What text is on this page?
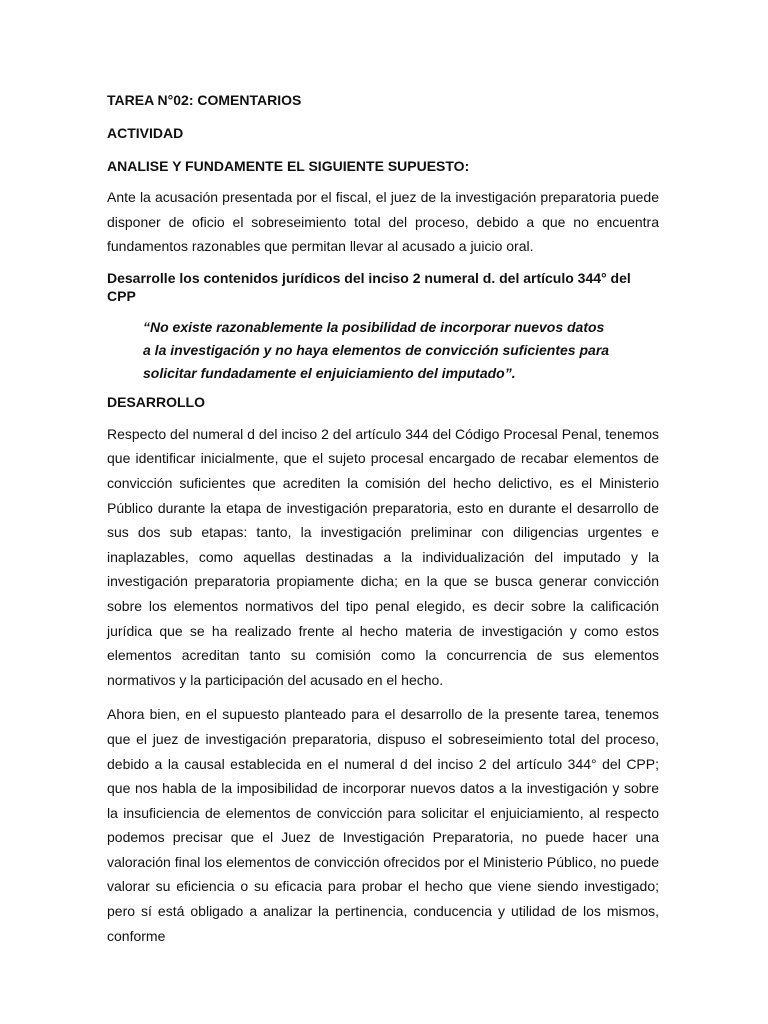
TAREA N°02: COMENTARIOS

ACTIVIDAD

ANALISE Y FUNDAMENTE EL SIGUIENTE SUPUESTO:

Ante la acusación presentada por el fiscal, el juez de la investigación preparatoria puede disponer de oficio el sobreseimiento total del proceso, debido a que no encuentra fundamentos razonables que permitan llevar al acusado a juicio oral.

Desarrolle los contenidos jurídicos del inciso 2 numeral d. del artículo 344° del CPP

“No existe razonablemente la posibilidad de incorporar nuevos datos a la investigación y no haya elementos de convicción suficientes para solicitar fundadamente el enjuiciamiento del imputado”.

DESARROLLO

Respecto del numeral d del inciso 2 del artículo 344 del Código Procesal Penal, tenemos que identificar inicialmente, que el sujeto procesal encargado de recabar elementos de convicción suficientes que acrediten la comisión del hecho delictivo, es el Ministerio Público durante la etapa de investigación preparatoria, esto en durante el desarrollo de sus dos sub etapas: tanto, la investigación preliminar con diligencias urgentes e inaplazables, como aquellas destinadas a la individualización del imputado y la investigación preparatoria propiamente dicha; en la que se busca generar convicción sobre los elementos normativos del tipo penal elegido, es decir sobre la calificación jurídica que se ha realizado frente al hecho materia de investigación y como estos elementos acreditan tanto su comisión como la concurrencia de sus elementos normativos y la participación del acusado en el hecho.

Ahora bien, en el supuesto planteado para el desarrollo de la presente tarea, tenemos que el juez de investigación preparatoria, dispuso el sobreseimiento total del proceso, debido a la causal establecida en el numeral d del inciso 2 del artículo 344° del CPP; que nos habla de la imposibilidad de incorporar nuevos datos a la investigación y sobre la insuficiencia de elementos de convicción para solicitar el enjuiciamiento, al respecto podemos precisar que el Juez de Investigación Preparatoria, no puede hacer una valoración final los elementos de convicción ofrecidos por el Ministerio Público, no puede valorar su eficiencia o su eficacia para probar el hecho que viene siendo investigado; pero sí está obligado a analizar la pertinencia, conducencia y utilidad de los mismos, conforme
